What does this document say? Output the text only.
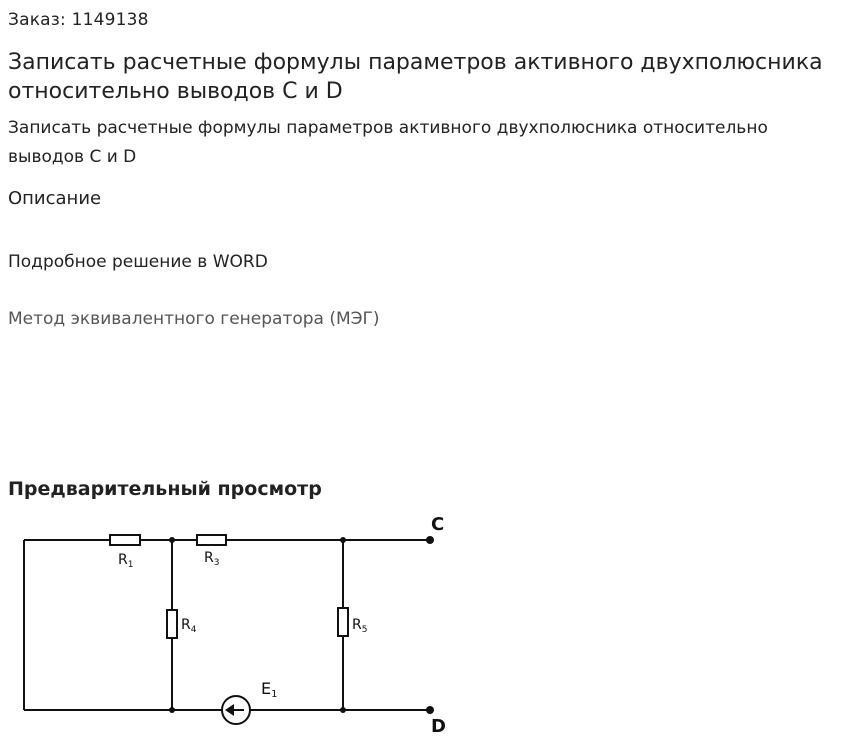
Заказ: 1149138
Записать расчетные формулы параметров активного двухполюсника относительно выводов C и D
Записать расчетные формулы параметров активного двухполюсника относительно выводов C и D
Описание
Подробное решение в WORD
Метод эквивалентного генератора (МЭГ)
Предварительный просмотр
$R_1$	$R_3$
$R_4$	$R_5$
E1
C
D
